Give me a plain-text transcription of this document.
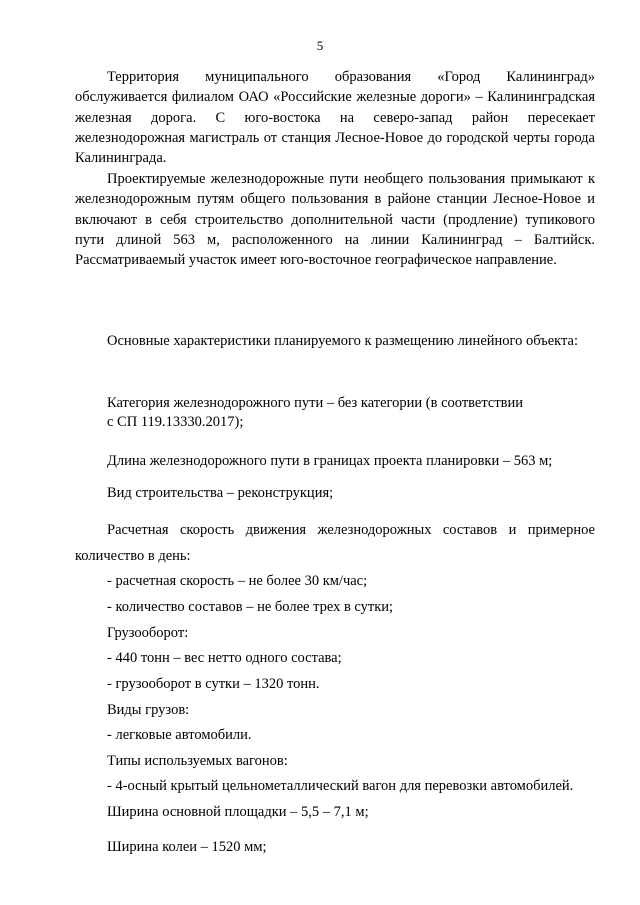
5

Территория муниципального образования «Город Калининград» обслуживается филиалом ОАО «Российские железные дороги» – Калининградская железная дорога. С юго-востока на северо-запад район пересекает железнодорожная магистраль от станция Лесное-Новое до городской черты города Калининграда.

Проектируемые железнодорожные пути необщего пользования примыкают к железнодорожным путям общего пользования в районе станции Лесное-Новое и включают в себя строительство дополнительной части (продление) тупикового пути длиной 563 м, расположенного на линии Калининград – Балтийск. Рассматриваемый участок имеет юго-восточное географическое направление.

Основные характеристики планируемого к размещению линейного объекта:

Категория железнодорожного пути – без категории (в соответствии

с СП 119.13330.2017);

Длина железнодорожного пути в границах проекта планировки – 563 м;

Вид строительства – реконструкция;

Расчетная скорость движения железнодорожных составов и примерное количество в день:

- расчетная скорость – не более 30 км/час;

- количество составов – не более трех в сутки;

Грузооборот:

- 440 тонн – вес нетто одного состава;

- грузооборот в сутки – 1320 тонн.

Виды грузов:

- легковые автомобили.

Типы используемых вагонов:

- 4-осный крытый цельнометаллический вагон для перевозки автомобилей.

Ширина основной площадки – 5,5 – 7,1 м;

Ширина колеи – 1520 мм;
